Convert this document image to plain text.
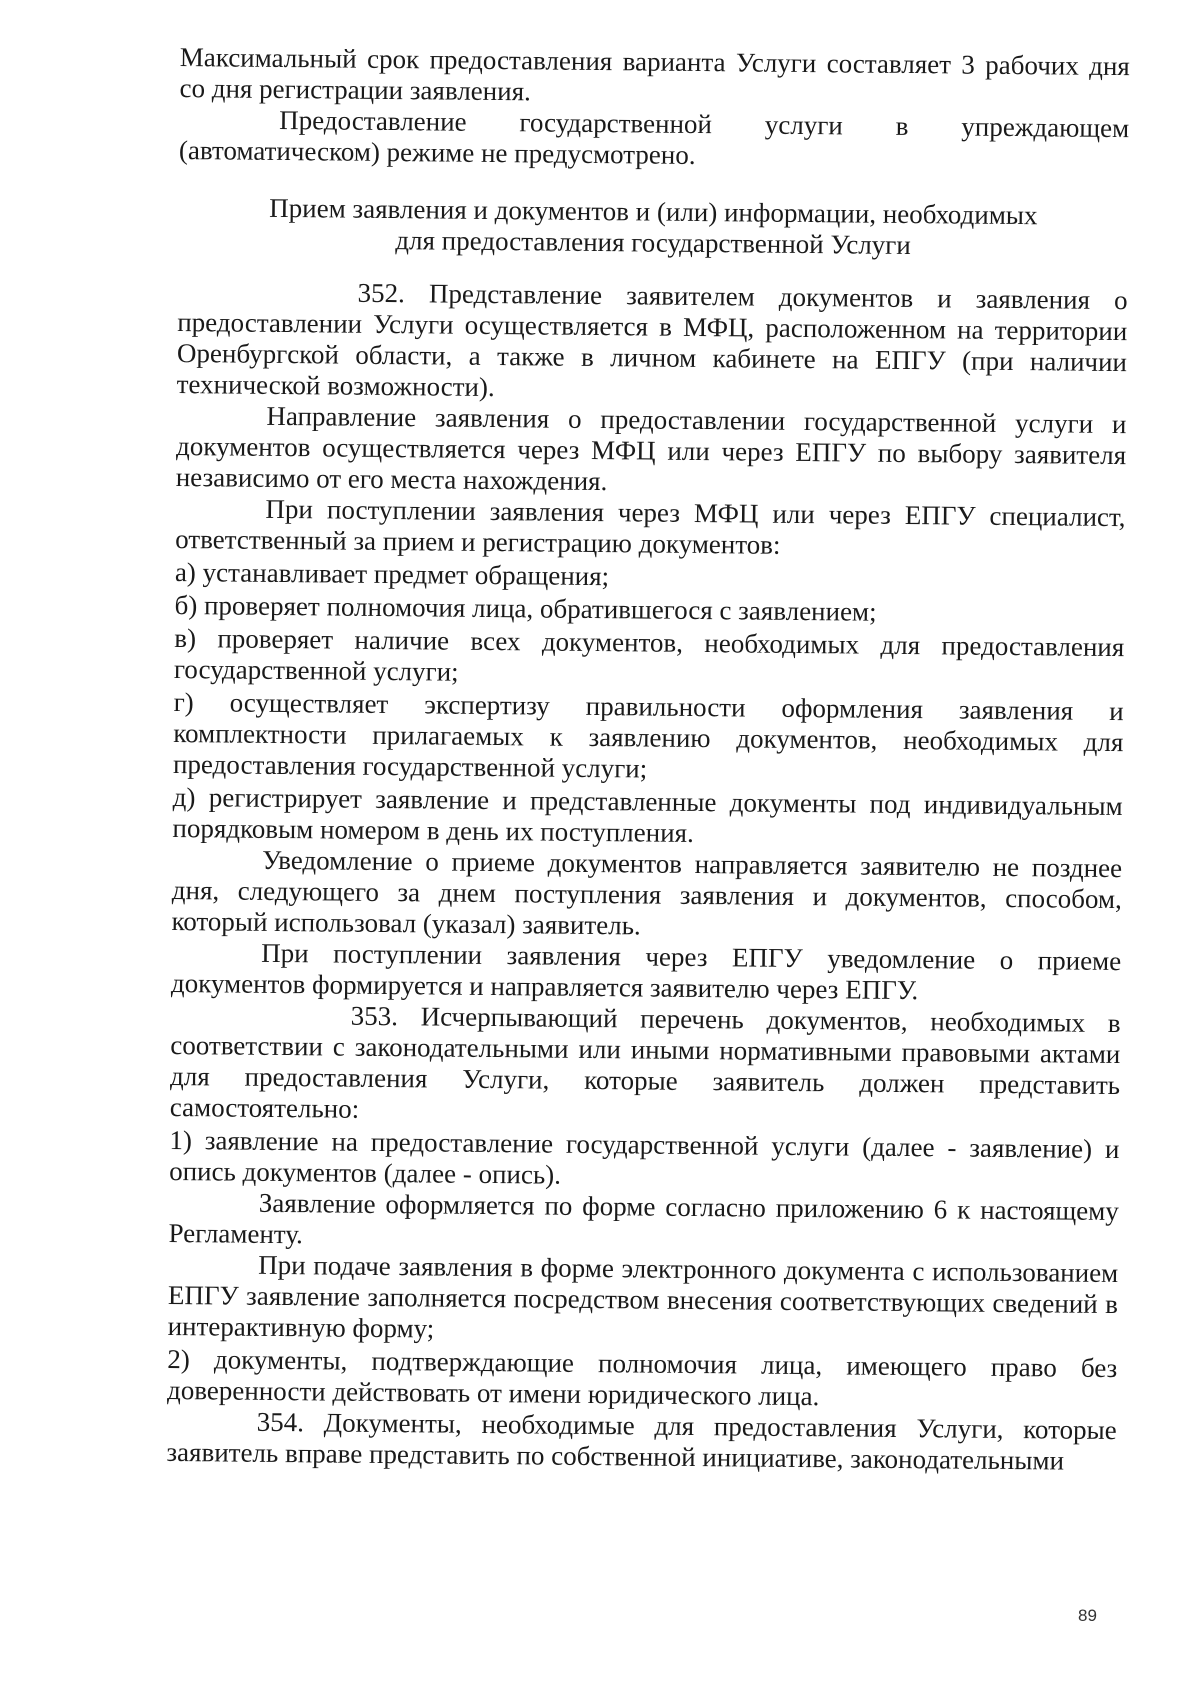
Максимальный срок предоставления варианта Услуги составляет 3 рабочих дня со дня регистрации заявления.

Предоставление государственной услуги в упреждающем (автоматическом) режиме не предусмотрено.

Прием заявления и документов и (или) информации, необходимых
для предоставления государственной Услуги

352. Представление заявителем документов и заявления о предоставлении Услуги осуществляется в МФЦ, расположенном на территории Оренбургской области, а также в личном кабинете на ЕПГУ (при наличии технической возможности).

Направление заявления о предоставлении государственной услуги и документов осуществляется через МФЦ или через ЕПГУ по выбору заявителя независимо от его места нахождения.

При поступлении заявления через МФЦ или через ЕПГУ специалист, ответственный за прием и регистрацию документов:

а) устанавливает предмет обращения;

б) проверяет полномочия лица, обратившегося с заявлением;

в) проверяет наличие всех документов, необходимых для предоставления государственной услуги;

г) осуществляет экспертизу правильности оформления заявления и комплектности прилагаемых к заявлению документов, необходимых для предоставления государственной услуги;

д) регистрирует заявление и представленные документы под индивидуальным порядковым номером в день их поступления.

Уведомление о приеме документов направляется заявителю не позднее дня, следующего за днем поступления заявления и документов, способом, который использовал (указал) заявитель.

При поступлении заявления через ЕПГУ уведомление о приеме документов формируется и направляется заявителю через ЕПГУ.

353. Исчерпывающий перечень документов, необходимых в соответствии с законодательными или иными нормативными правовыми актами для предоставления Услуги, которые заявитель должен представить самостоятельно:

1) заявление на предоставление государственной услуги (далее - заявление) и опись документов (далее - опись).

Заявление оформляется по форме согласно приложению 6 к настоящему Регламенту.

При подаче заявления в форме электронного документа с использованием ЕПГУ заявление заполняется посредством внесения соответствующих сведений в интерактивную форму;

2) документы, подтверждающие полномочия лица, имеющего право без доверенности действовать от имени юридического лица.

354. Документы, необходимые для предоставления Услуги, которые заявитель вправе представить по собственной инициативе, законодательными

89
